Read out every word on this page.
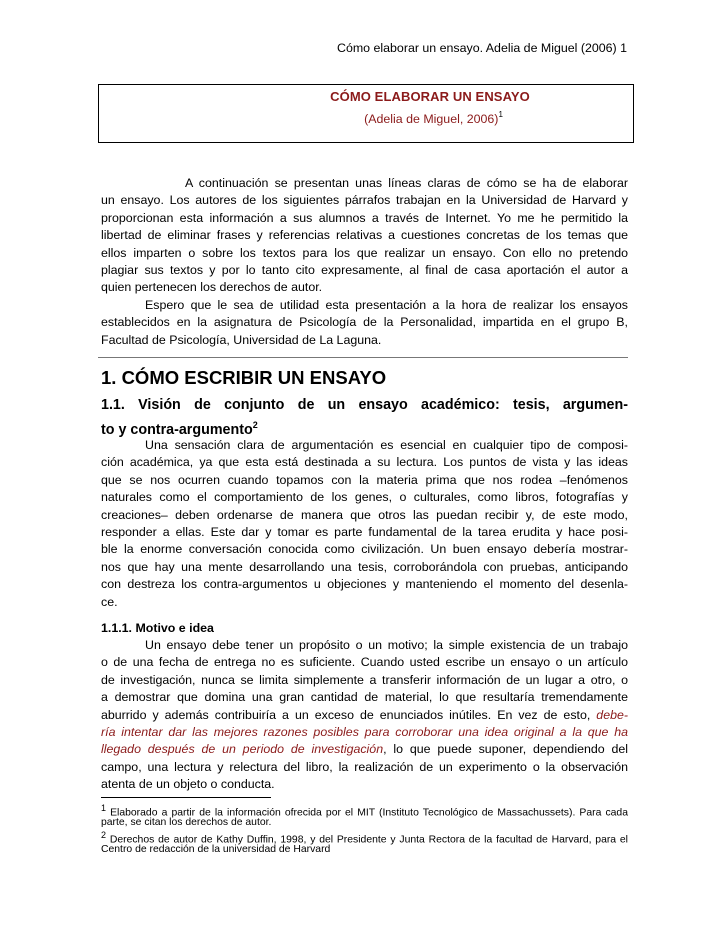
Cómo elaborar un ensayo. Adelia de Miguel (2006) 1
CÓMO ELABORAR UN ENSAYO
(Adelia de Miguel, 2006)$^1$
A continuación se presentan unas líneas claras de cómo se ha de elaborar
un ensayo. Los autores de los siguientes párrafos trabajan en la Universidad de Harvard y
proporcionan esta información a sus alumnos a través de Internet. Yo me he permitido la
libertad de eliminar frases y referencias relativas a cuestiones concretas de los temas que
ellos imparten o sobre los textos para los que realizar un ensayo. Con ello no pretendo
plagiar sus textos y por lo tanto cito expresamente, al final de casa aportación el autor a
quien pertenecen los derechos de autor.
Espero que le sea de utilidad esta presentación a la hora de realizar los ensayos
establecidos en la asignatura de Psicología de la Personalidad, impartida en el grupo B,
Facultad de Psicología, Universidad de La Laguna.
1. CÓMO ESCRIBIR UN ENSAYO
1.1. Visión de conjunto de un ensayo académico: tesis, argumen-
to y contra-argumento$^2$
Una sensación clara de argumentación es esencial en cualquier tipo de composi-
ción académica, ya que esta está destinada a su lectura. Los puntos de vista y las ideas
que se nos ocurren cuando topamos con la materia prima que nos rodea –fenómenos
naturales como el comportamiento de los genes, o culturales, como libros, fotografías y
creaciones– deben ordenarse de manera que otros las puedan recibir y, de este modo,
responder a ellas. Este dar y tomar es parte fundamental de la tarea erudita y hace posi-
ble la enorme conversación conocida como civilización. Un buen ensayo debería mostrar-
nos que hay una mente desarrollando una tesis, corroborándola con pruebas, anticipando
con destreza los contra-argumentos u objeciones y manteniendo el momento del desenla-
ce.
1.1.1. Motivo e idea
Un ensayo debe tener un propósito o un motivo; la simple existencia de un trabajo
o de una fecha de entrega no es suficiente. Cuando usted escribe un ensayo o un artículo
de investigación, nunca se limita simplemente a transferir información de un lugar a otro, o
a demostrar que domina una gran cantidad de material, lo que resultaría tremendamente
aburrido y además contribuiría a un exceso de enunciados inútiles. En vez de esto, debe-
ría intentar dar las mejores razones posibles para corroborar una idea original a la que ha
llegado después de un periodo de investigación, lo que puede suponer, dependiendo del
campo, una lectura y relectura del libro, la realización de un experimento o la observación
atenta de un objeto o conducta.
$^1$ Elaborado a partir de la información ofrecida por el MIT (Instituto Tecnológico de Massachussets). Para cada
parte, se citan los derechos de autor.
$^2$ Derechos de autor de Kathy Duffin, 1998, y del Presidente y Junta Rectora de la facultad de Harvard, para el
Centro de redacción de la universidad de Harvard
